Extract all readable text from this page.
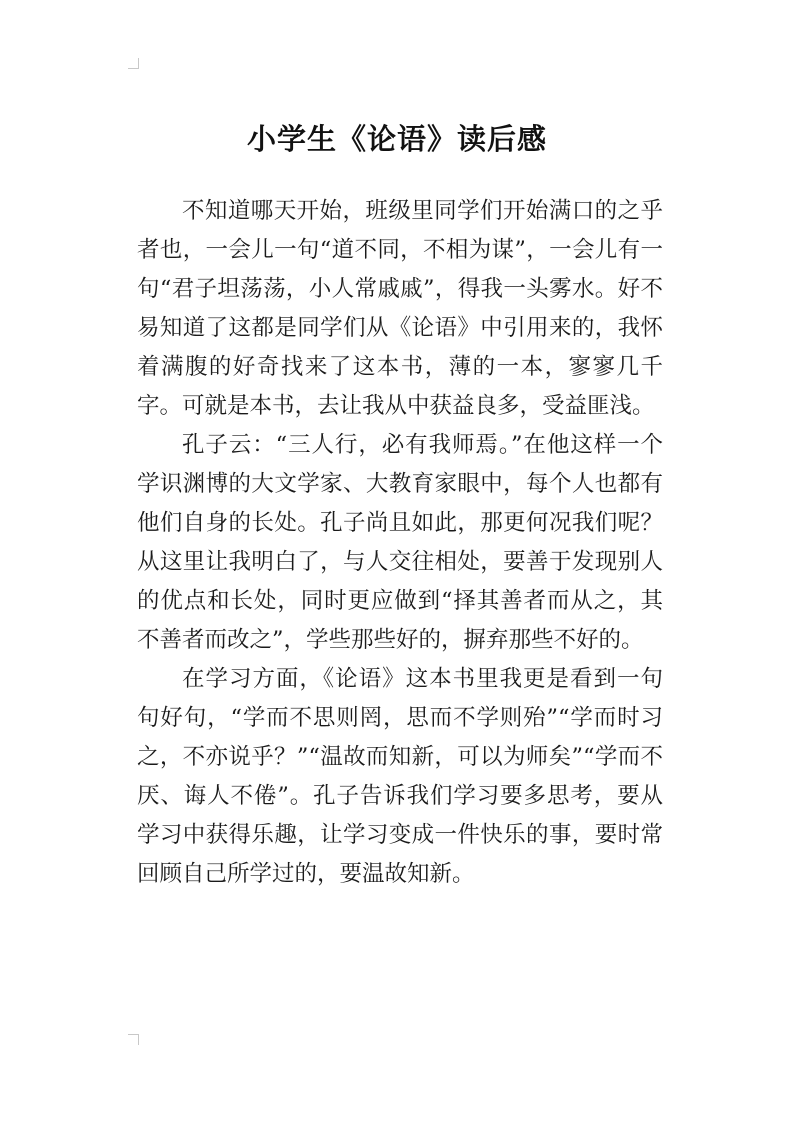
小学生《论语》读后感

不知道哪天开始，班级里同学们开始满口的之乎者也，一会儿一句“道不同，不相为谋”，一会儿有一句“君子坦荡荡，小人常戚戚”，得我一头雾水。好不易知道了这都是同学们从《论语》中引用来的，我怀着满腹的好奇找来了这本书，薄的一本，寥寥几千字。可就是本书，去让我从中获益良多，受益匪浅。

孔子云：“三人行，必有我师焉。”在他这样一个学识渊博的大文学家、大教育家眼中，每个人也都有他们自身的长处。孔子尚且如此，那更何况我们呢？从这里让我明白了，与人交往相处，要善于发现别人的优点和长处，同时更应做到“择其善者而从之，其不善者而改之”，学些那些好的，摒弃那些不好的。

在学习方面，《论语》这本书里我更是看到一句句好句，“学而不思则罔，思而不学则殆”“学而时习之，不亦说乎？”“温故而知新，可以为师矣”“学而不厌、诲人不倦”。孔子告诉我们学习要多思考，要从学习中获得乐趣，让学习变成一件快乐的事，要时常回顾自己所学过的，要温故知新。
